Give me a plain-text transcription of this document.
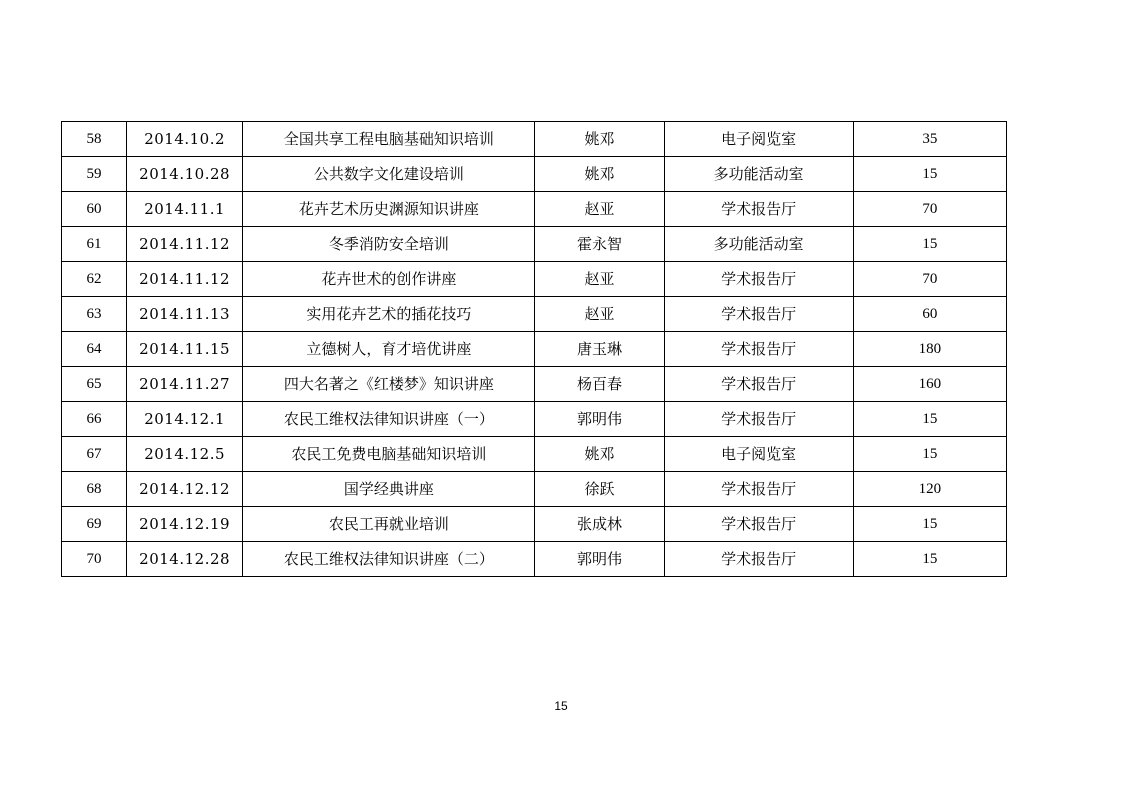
58	2014.10.2	全国共享工程电脑基础知识培训	姚邓	电子阅览室	35
59	2014.10.28	公共数字文化建设培训	姚邓	多功能活动室	15
60	2014.11.1	花卉艺术历史渊源知识讲座	赵亚	学术报告厅	70
61	2014.11.12	冬季消防安全培训	霍永智	多功能活动室	15
62	2014.11.12	花卉世术的创作讲座	赵亚	学术报告厅	70
63	2014.11.13	实用花卉艺术的插花技巧	赵亚	学术报告厅	60
64	2014.11.15	立德树人，育才培优讲座	唐玉琳	学术报告厅	180
65	2014.11.27	四大名著之《红楼梦》知识讲座	杨百春	学术报告厅	160
66	2014.12.1	农民工维权法律知识讲座（一）	郭明伟	学术报告厅	15
67	2014.12.5	农民工免费电脑基础知识培训	姚邓	电子阅览室	15
68	2014.12.12	国学经典讲座	徐跃	学术报告厅	120
69	2014.12.19	农民工再就业培训	张成林	学术报告厅	15
70	2014.12.28	农民工维权法律知识讲座（二）	郭明伟	学术报告厅	15
15
